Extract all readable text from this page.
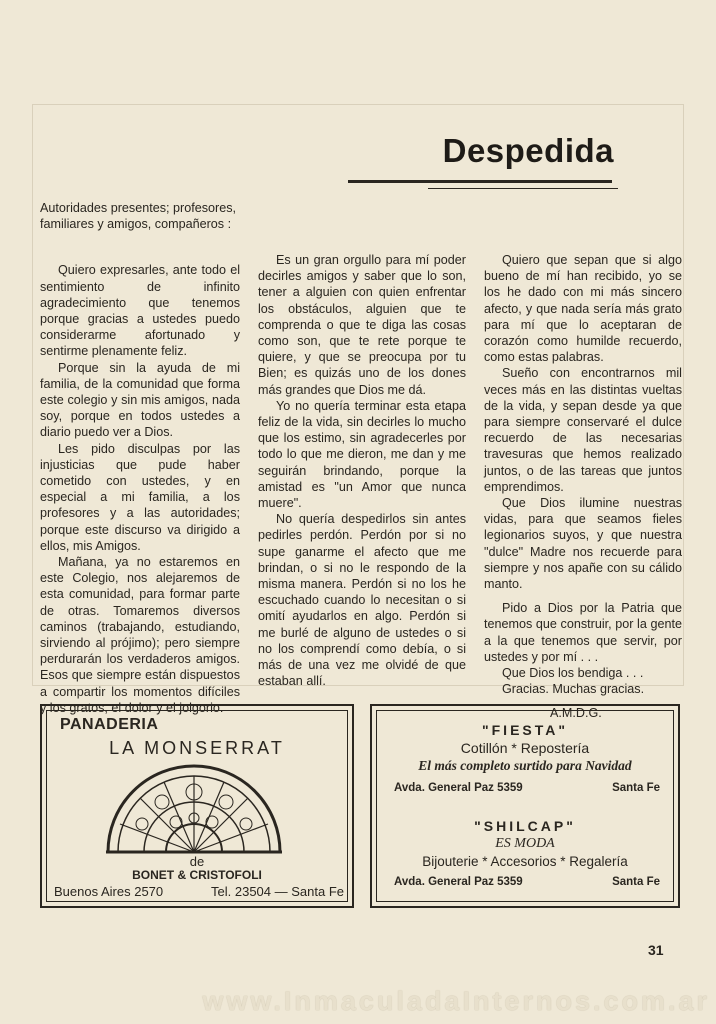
Despedida

Autoridades presentes; profesores, familiares y amigos, compañeros :

Quiero expresarles, ante todo el sentimiento de infinito agradecimiento que tenemos porque gracias a ustedes puedo considerarme afortunado y sentirme plenamente feliz.

Porque sin la ayuda de mi familia, de la comunidad que forma este colegio y sin mis amigos, nada soy, porque en todos ustedes a diario puedo ver a Dios.

Les pido disculpas por las injusticias que pude haber cometido con ustedes, y en especial a mi familia, a los profesores y a las autoridades; porque este discurso va dirigido a ellos, mis Amigos.

Mañana, ya no estaremos en este Colegio, nos alejaremos de esta comunidad, para formar parte de otras. Tomaremos diversos caminos (trabajando, estudiando, sirviendo al prójimo); pero siempre perdurarán los verdaderos amigos. Esos que siempre están dispuestos a compartir los momentos difíciles y los gratos, el dolor y el jolgorio.

Es un gran orgullo para mí poder decirles amigos y saber que lo son, tener a alguien con quien enfrentar los obstáculos, alguien que te comprenda o que te diga las cosas como son, que te rete porque te quiere, y que se preocupa por tu Bien; es quizás uno de los dones más grandes que Dios me dá.

Yo no quería terminar esta etapa feliz de la vida, sin decirles lo mucho que los estimo, sin agradecerles por todo lo que me dieron, me dan y me seguirán brindando, porque la amistad es "un Amor que nunca muere".

No quería despedirlos sin antes pedirles perdón. Perdón por si no supe ganarme el afecto que me brindan, o si no le respondo de la misma manera. Perdón si no los he escuchado cuando lo necesitan o si omití ayudarlos en algo. Perdón si me burlé de alguno de ustedes o si no los comprendí como debía, o si más de una vez me olvidé de que estaban allí.

Quiero que sepan que si algo bueno de mí han recibido, yo se los he dado con mi más sincero afecto, y que nada sería más grato para mí que lo aceptaran de corazón como humilde recuerdo, como estas palabras.

Sueño con encontrarnos mil veces más en las distintas vueltas de la vida, y sepan desde ya que para siempre conservaré el dulce recuerdo de las necesarias travesuras que hemos realizado juntos, o de las tareas que juntos emprendimos.

Que Dios ilumine nuestras vidas, para que seamos fieles legionarios suyos, y que nuestra "dulce" Madre nos recuerde para siempre y nos apañe con su cálido manto.

Pido a Dios por la Patria que tenemos que construir, por la gente a la que tenemos que servir, por ustedes y por mí . . .

Que Dios los bendiga . . .

Gracias. Muchas gracias.

A.M.D.G.

PANADERIA
LA MONSERRAT
de
BONET & CRISTOFOLI
Buenos Aires 2570	Tel. 23504 — Santa Fe
"FIESTA"
Cotillón * Repostería
El más completo surtido para Navidad
Avda. General Paz 5359	Santa Fe
"SHILCAP"
ES MODA
Bijouterie * Accesorios * Regalería
Avda. General Paz 5359	Santa Fe
31
www.InmaculadaInternos.com.ar
